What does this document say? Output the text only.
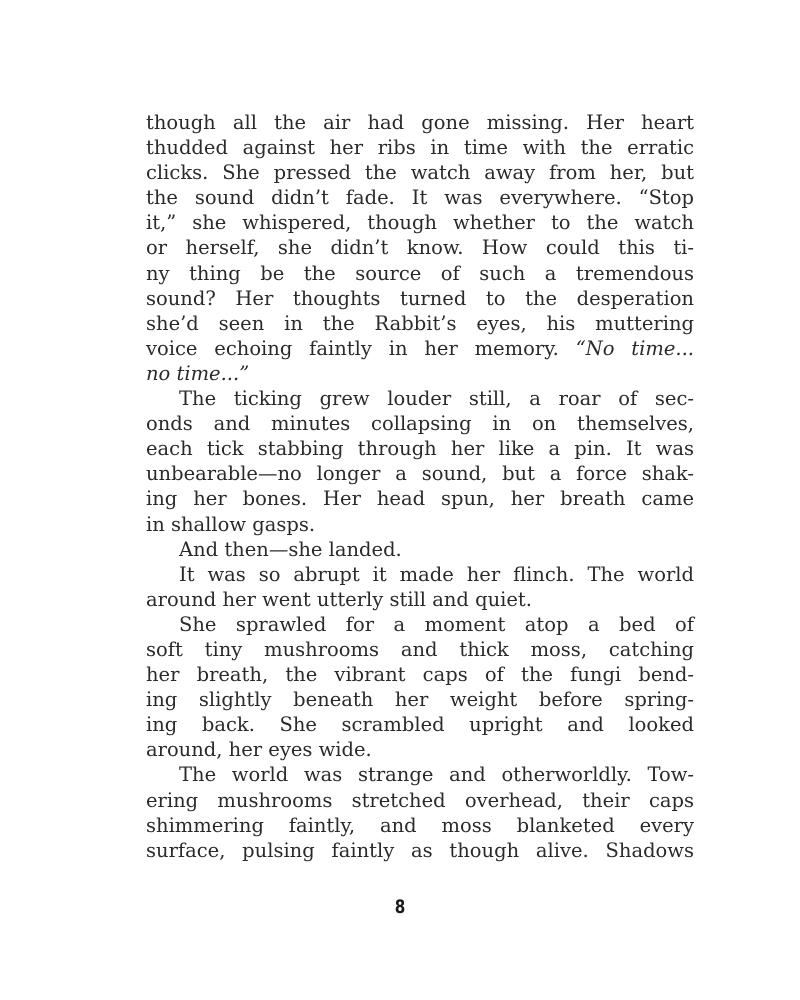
though all the air had gone missing. Her heart
thudded against her ribs in time with the erratic
clicks. She pressed the watch away from her, but
the sound didn’t fade. It was everywhere. “Stop
it,” she whispered, though whether to the watch
or herself, she didn’t know. How could this ti-
ny thing be the source of such a tremendous
sound? Her thoughts turned to the desperation
she’d seen in the Rabbit’s eyes, his muttering
voice echoing faintly in her memory. “No time...
no time...”
The ticking grew louder still, a roar of sec-
onds and minutes collapsing in on themselves,
each tick stabbing through her like a pin. It was
unbearable—no longer a sound, but a force shak-
ing her bones. Her head spun, her breath came
in shallow gasps.
And then—she landed.
It was so abrupt it made her flinch. The world
around her went utterly still and quiet.
She sprawled for a moment atop a bed of
soft tiny mushrooms and thick moss, catching
her breath, the vibrant caps of the fungi bend-
ing slightly beneath her weight before spring-
ing back. She scrambled upright and looked
around, her eyes wide.
The world was strange and otherworldly. Tow-
ering mushrooms stretched overhead, their caps
shimmering faintly, and moss blanketed every
surface, pulsing faintly as though alive. Shadows
8
